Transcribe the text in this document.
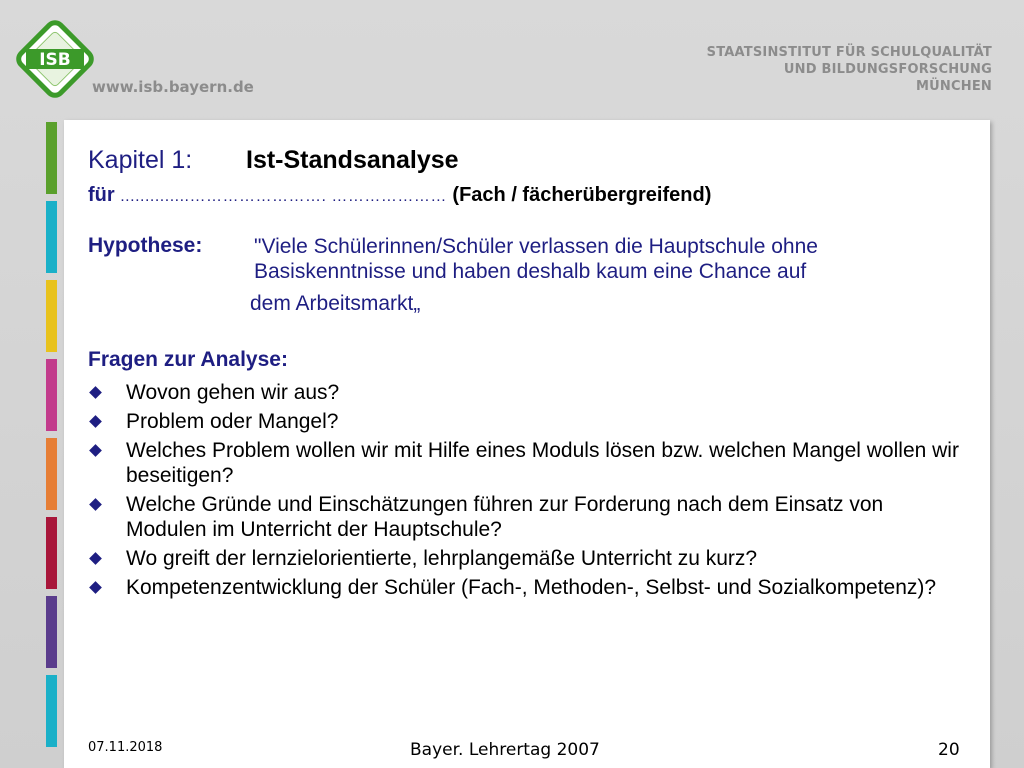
ISB
www.isb.bayern.de
STAATSINSTITUT FÜR SCHULQUALITÄT
UND BILDUNGSFORSCHUNG
MÜNCHEN
Kapitel 1: Ist-Standsanalyse
für ..............……………………. ………………… (Fach / fächerübergreifend)
Hypothese: "Viele Schülerinnen/Schüler verlassen die Hauptschule ohne
Basiskenntnisse und haben deshalb kaum eine Chance auf
dem Arbeitsmarkt„
Fragen zur Analyse:
Wovon gehen wir aus?
Problem oder Mangel?
Welches Problem wollen wir mit Hilfe eines Moduls lösen bzw. welchen Mangel wollen wir beseitigen?
Welche Gründe und Einschätzungen führen zur Forderung nach dem Einsatz von Modulen im Unterricht der Hauptschule?
Wo greift der lernzielorientierte, lehrplangemäße Unterricht zu kurz?
Kompetenzentwicklung der Schüler (Fach-, Methoden-, Selbst- und Sozialkompetenz)?
07.11.2018	Bayer. Lehrertag 2007	20
